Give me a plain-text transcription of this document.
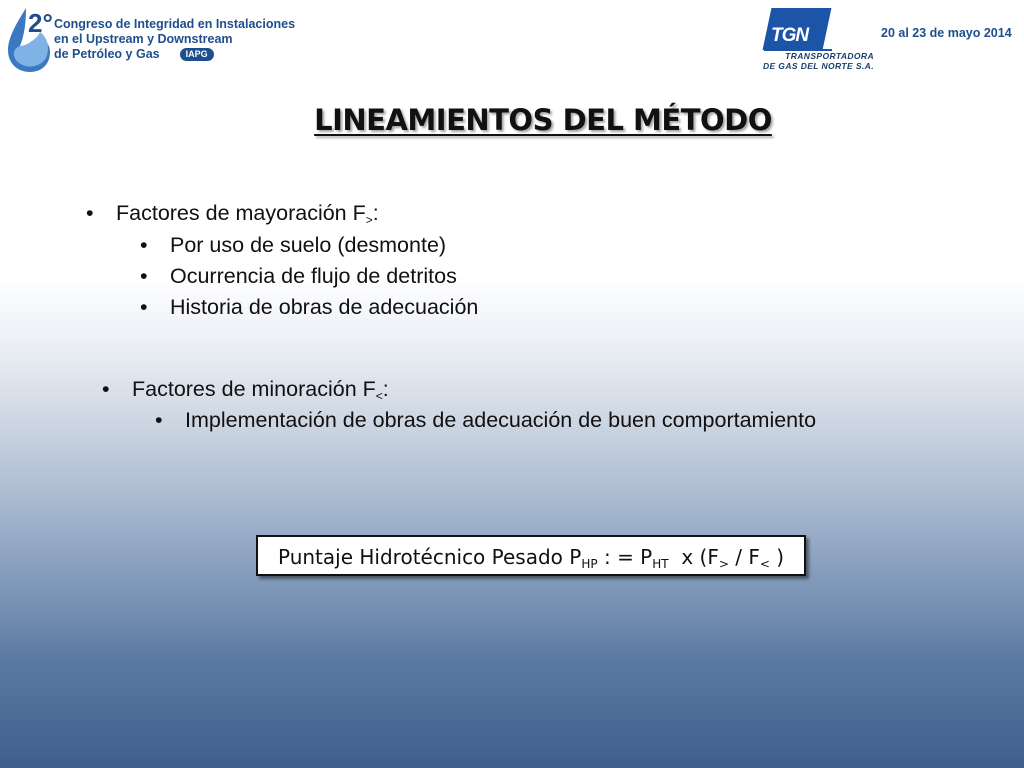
2° Congreso de Integridad en Instalaciones
en el Upstream y Downstream
de Petróleo y Gas	IAPG
TGN
TRANSPORTADORA
DE GAS DEL NORTE S.A.
20 al 23 de mayo 2014
LINEAMIENTOS DEL MÉTODO
• Factores de mayoración $F_>$:
• Por uso de suelo (desmonte)
• Ocurrencia de flujo de detritos
• Historia de obras de adecuación
• Factores de minoración $F_<$:
• Implementación de obras de adecuación de buen comportamiento
Puntaje Hidrotécnico Pesado $P_{HP}$ : = $P_{HT}$  x ($F_> / F_<$ )
